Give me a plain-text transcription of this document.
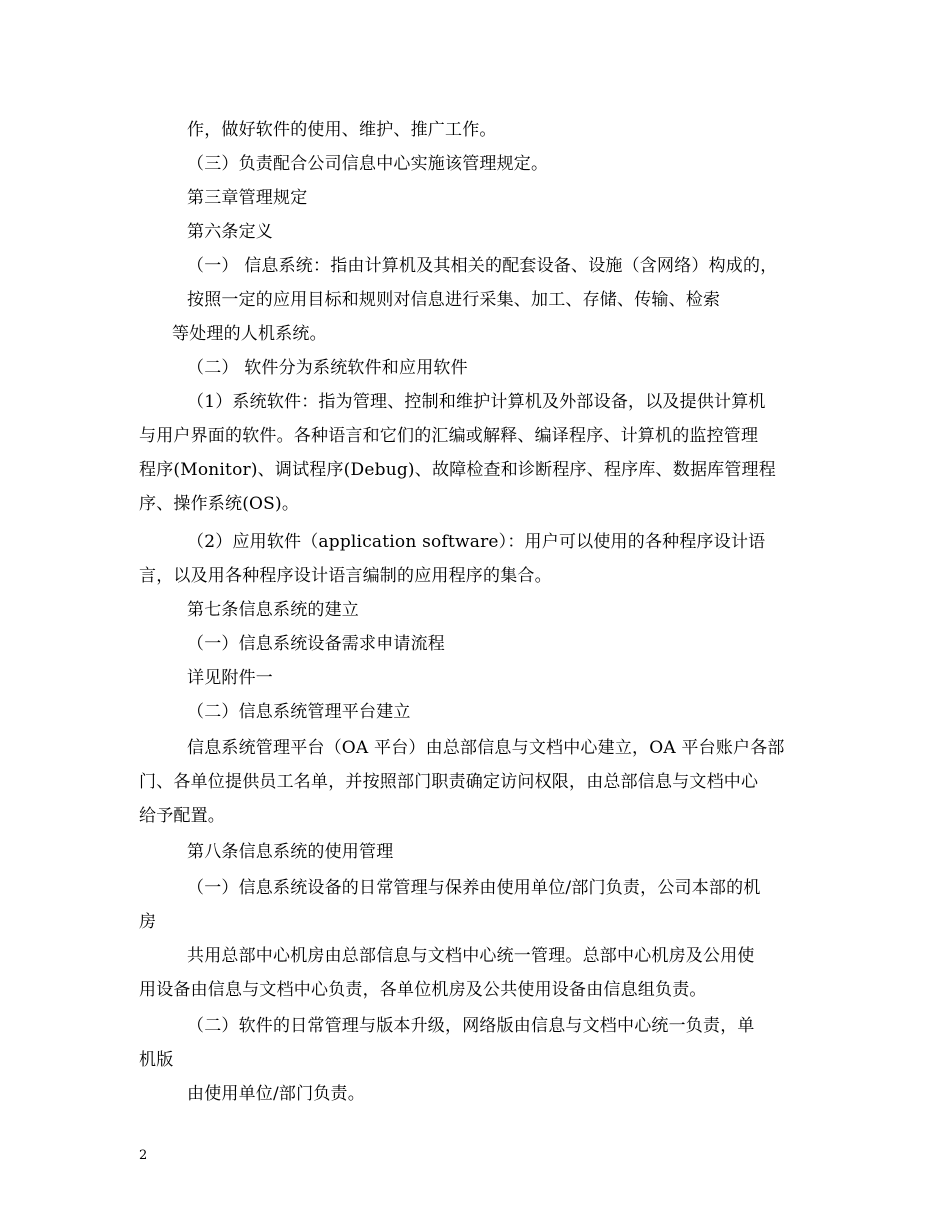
作，做好软件的使用、维护、推广工作。
（三）负责配合公司信息中心实施该管理规定。
第三章管理规定
第六条定义
（一） 信息系统：指由计算机及其相关的配套设备、设施（含网络）构成的，
按照一定的应用目标和规则对信息进行采集、加工、存储、传输、检索
等处理的人机系统。
（二） 软件分为系统软件和应用软件
（1）系统软件：指为管理、控制和维护计算机及外部设备，以及提供计算机
与用户界面的软件。各种语言和它们的汇编或解释、编译程序、计算机的监控管理
程序(Monitor)、调试程序(Debug)、故障检查和诊断程序、程序库、数据库管理程
序、操作系统(OS)。
（2）应用软件（application software）：用户可以使用的各种程序设计语
言，以及用各种程序设计语言编制的应用程序的集合。
第七条信息系统的建立
（一）信息系统设备需求申请流程
详见附件一
（二）信息系统管理平台建立
信息系统管理平台（OA 平台）由总部信息与文档中心建立，OA 平台账户各部
门、各单位提供员工名单，并按照部门职责确定访问权限，由总部信息与文档中心
给予配置。
第八条信息系统的使用管理
（一）信息系统设备的日常管理与保养由使用单位/部门负责，公司本部的机
房
共用总部中心机房由总部信息与文档中心统一管理。总部中心机房及公用使
用设备由信息与文档中心负责，各单位机房及公共使用设备由信息组负责。
（二）软件的日常管理与版本升级，网络版由信息与文档中心统一负责，单
机版
由使用单位/部门负责。
2
